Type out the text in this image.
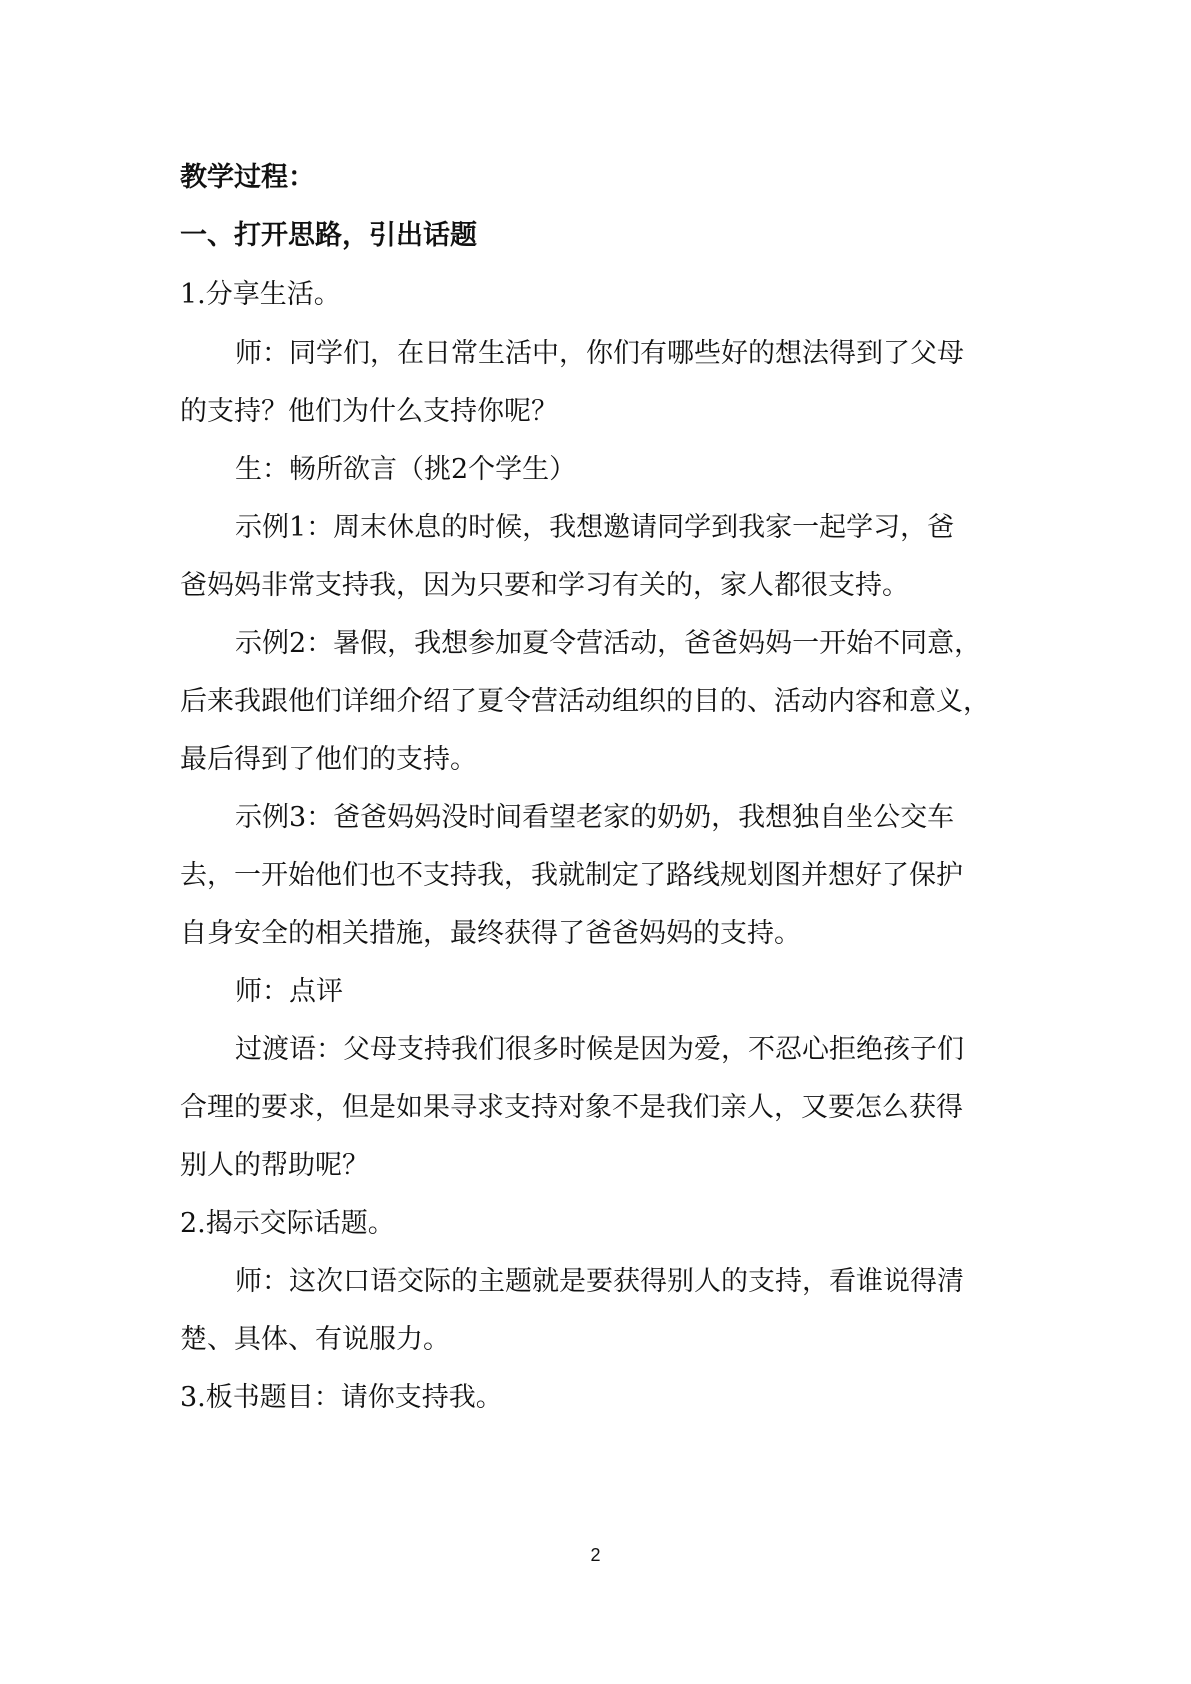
教学过程：
一、打开思路，引出话题
1.分享生活。
师：同学们，在日常生活中，你们有哪些好的想法得到了父母
的支持？他们为什么支持你呢？
生：畅所欲言（挑2个学生）
示例1：周末休息的时候，我想邀请同学到我家一起学习，爸
爸妈妈非常支持我，因为只要和学习有关的，家人都很支持。
示例2：暑假，我想参加夏令营活动，爸爸妈妈一开始不同意，
后来我跟他们详细介绍了夏令营活动组织的目的、活动内容和意义，
最后得到了他们的支持。
示例3：爸爸妈妈没时间看望老家的奶奶，我想独自坐公交车
去，一开始他们也不支持我，我就制定了路线规划图并想好了保护
自身安全的相关措施，最终获得了爸爸妈妈的支持。
师：点评
过渡语：父母支持我们很多时候是因为爱，不忍心拒绝孩子们
合理的要求，但是如果寻求支持对象不是我们亲人，又要怎么获得
别人的帮助呢？
2.揭示交际话题。
师：这次口语交际的主题就是要获得别人的支持，看谁说得清
楚、具体、有说服力。
3.板书题目：请你支持我。
2
